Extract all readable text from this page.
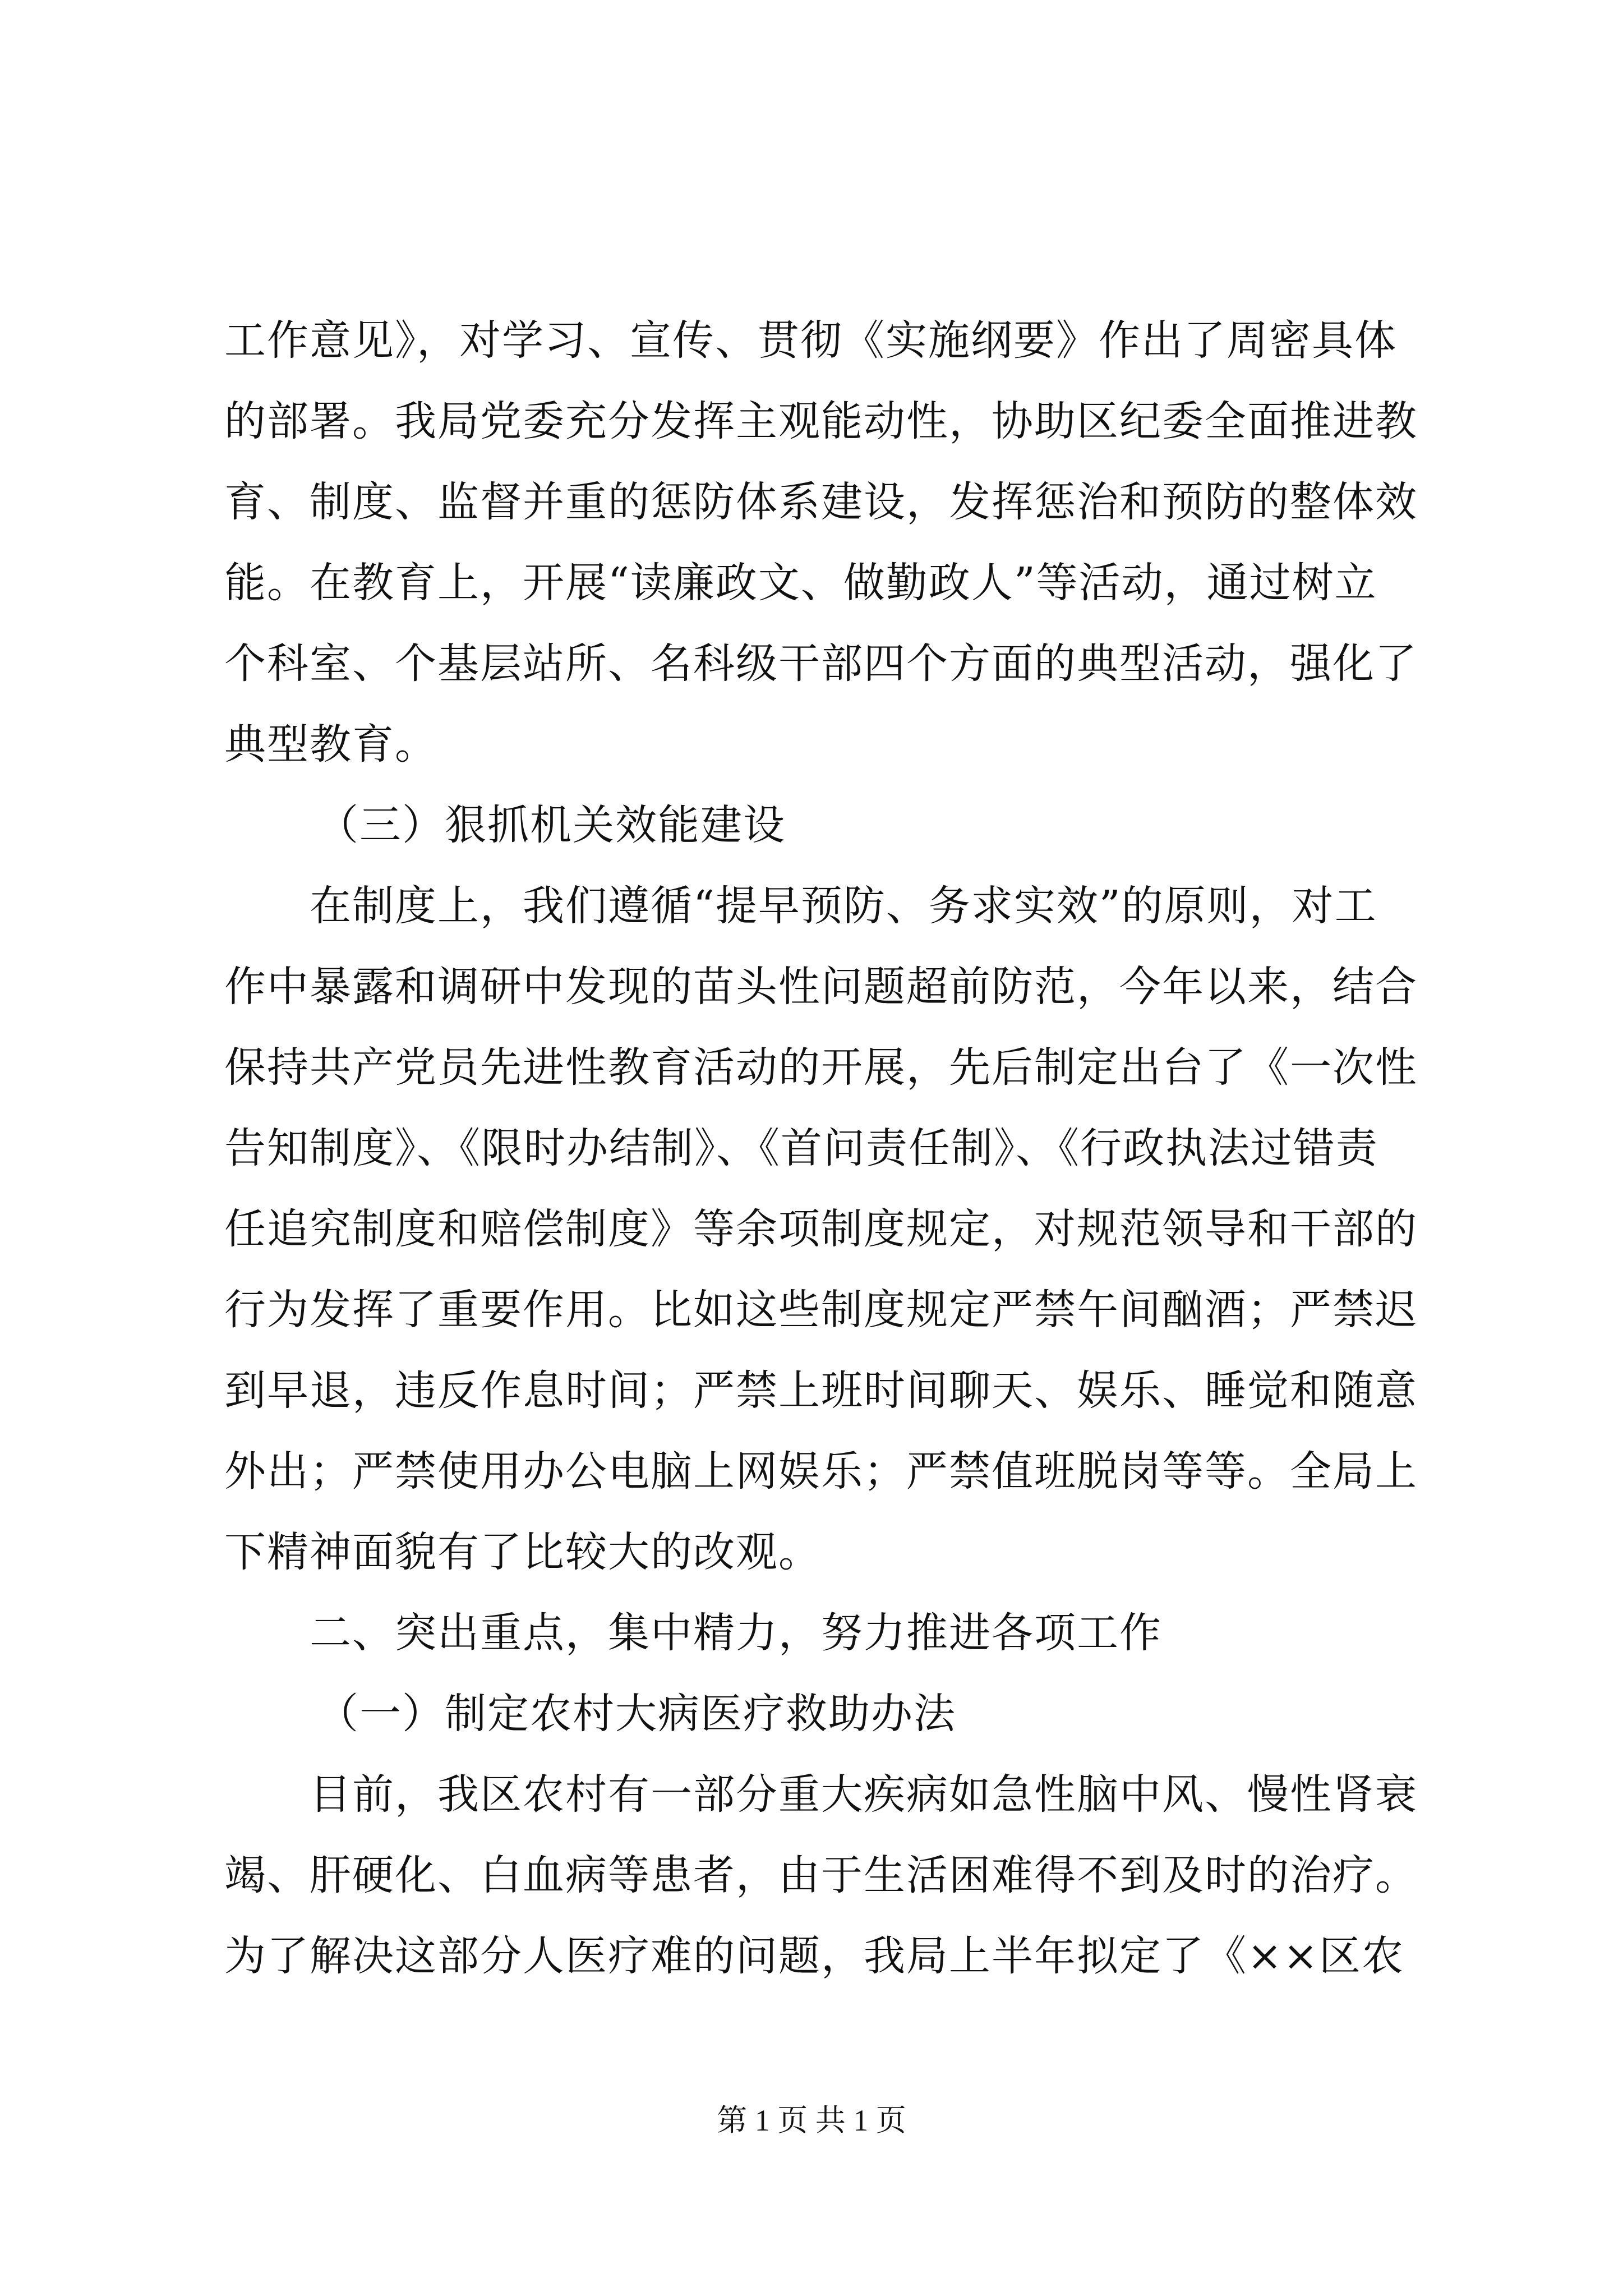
工作意见》，对学习、宣传、贯彻《实施纲要》作出了周密具体
的部署。我局党委充分发挥主观能动性，协助区纪委全面推进教
育、制度、监督并重的惩防体系建设，发挥惩治和预防的整体效
能。在教育上，开展“读廉政文、做勤政人”等活动，通过树立
个科室、个基层站所、名科级干部四个方面的典型活动，强化了
典型教育。
（三）狠抓机关效能建设
在制度上，我们遵循“提早预防、务求实效”的原则，对工
作中暴露和调研中发现的苗头性问题超前防范，今年以来，结合
保持共产党员先进性教育活动的开展，先后制定出台了《一次性
告知制度》、《限时办结制》、《首问责任制》、《行政执法过错责
任追究制度和赔偿制度》等余项制度规定，对规范领导和干部的
行为发挥了重要作用。比如这些制度规定严禁午间酗酒；严禁迟
到早退，违反作息时间；严禁上班时间聊天、娱乐、睡觉和随意
外出；严禁使用办公电脑上网娱乐；严禁值班脱岗等等。全局上
下精神面貌有了比较大的改观。
二、突出重点，集中精力，努力推进各项工作
（一）制定农村大病医疗救助办法
目前，我区农村有一部分重大疾病如急性脑中风、慢性肾衰
竭、肝硬化、白血病等患者，由于生活困难得不到及时的治疗。
为了解决这部分人医疗难的问题，我局上半年拟定了《××区农
第 1 页 共 1 页
